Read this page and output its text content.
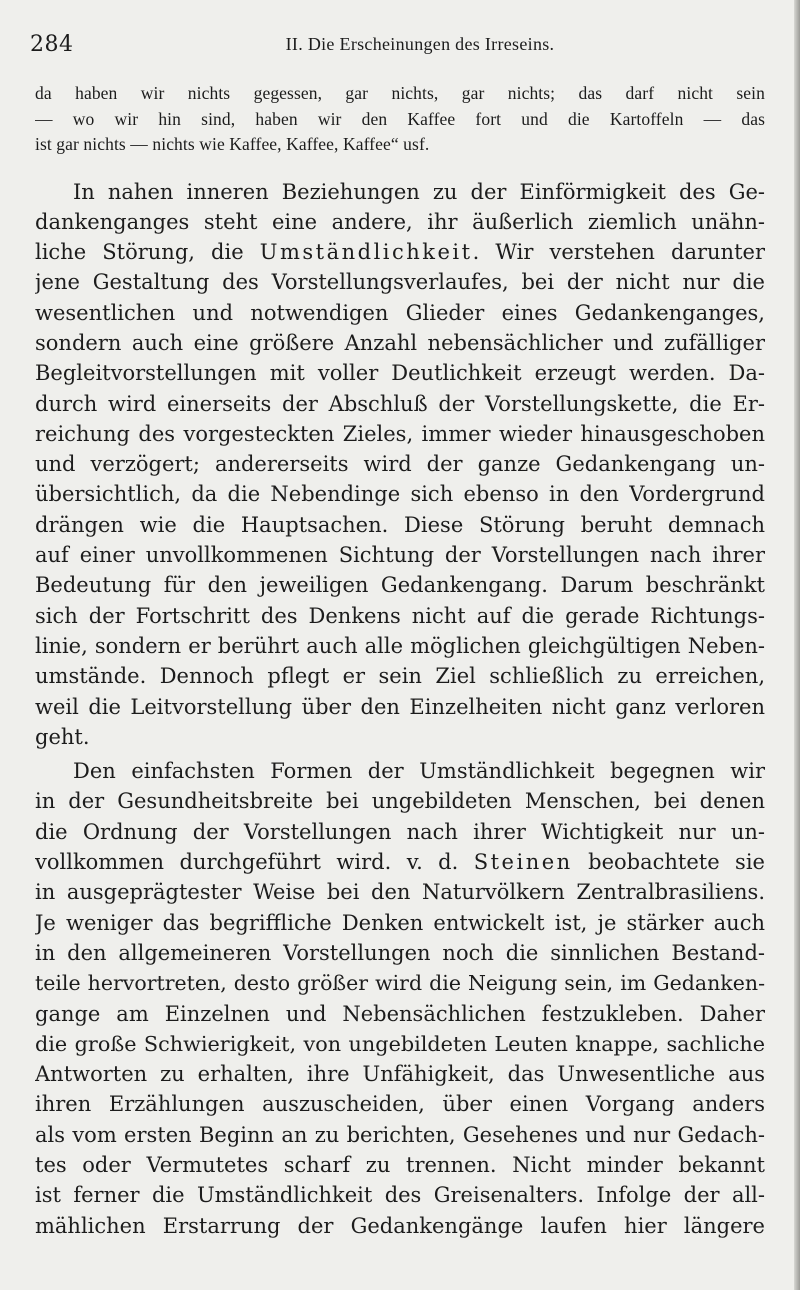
284	II. Die Erscheinungen des Irreseins.
da haben wir nichts gegessen, gar nichts, gar nichts; das darf nicht sein
— wo wir hin sind, haben wir den Kaffee fort und die Kartoffeln — das
ist gar nichts — nichts wie Kaffee, Kaffee, Kaffee“ usf.
In nahen inneren Beziehungen zu der Einförmigkeit des Ge-
dankenganges steht eine andere, ihr äußerlich ziemlich unähn-
liche Störung, die Umständlichkeit. Wir verstehen darunter
jene Gestaltung des Vorstellungsverlaufes, bei der nicht nur die
wesentlichen und notwendigen Glieder eines Gedankenganges,
sondern auch eine größere Anzahl nebensächlicher und zufälliger
Begleitvorstellungen mit voller Deutlichkeit erzeugt werden. Da-
durch wird einerseits der Abschluß der Vorstellungskette, die Er-
reichung des vorgesteckten Zieles, immer wieder hinausgeschoben
und verzögert; andererseits wird der ganze Gedankengang un-
übersichtlich, da die Nebendinge sich ebenso in den Vordergrund
drängen wie die Hauptsachen. Diese Störung beruht demnach
auf einer unvollkommenen Sichtung der Vorstellungen nach ihrer
Bedeutung für den jeweiligen Gedankengang. Darum beschränkt
sich der Fortschritt des Denkens nicht auf die gerade Richtungs-
linie, sondern er berührt auch alle möglichen gleichgültigen Neben-
umstände. Dennoch pflegt er sein Ziel schließlich zu erreichen,
weil die Leitvorstellung über den Einzelheiten nicht ganz verloren
geht.
Den einfachsten Formen der Umständlichkeit begegnen wir
in der Gesundheitsbreite bei ungebildeten Menschen, bei denen
die Ordnung der Vorstellungen nach ihrer Wichtigkeit nur un-
vollkommen durchgeführt wird. v. d. Steinen beobachtete sie
in ausgeprägtester Weise bei den Naturvölkern Zentralbrasiliens.
Je weniger das begriffliche Denken entwickelt ist, je stärker auch
in den allgemeineren Vorstellungen noch die sinnlichen Bestand-
teile hervortreten, desto größer wird die Neigung sein, im Gedanken-
gange am Einzelnen und Nebensächlichen festzukleben. Daher
die große Schwierigkeit, von ungebildeten Leuten knappe, sachliche
Antworten zu erhalten, ihre Unfähigkeit, das Unwesentliche aus
ihren Erzählungen auszuscheiden, über einen Vorgang anders
als vom ersten Beginn an zu berichten, Gesehenes und nur Gedach-
tes oder Vermutetes scharf zu trennen. Nicht minder bekannt
ist ferner die Umständlichkeit des Greisenalters. Infolge der all-
mählichen Erstarrung der Gedankengänge laufen hier längere
